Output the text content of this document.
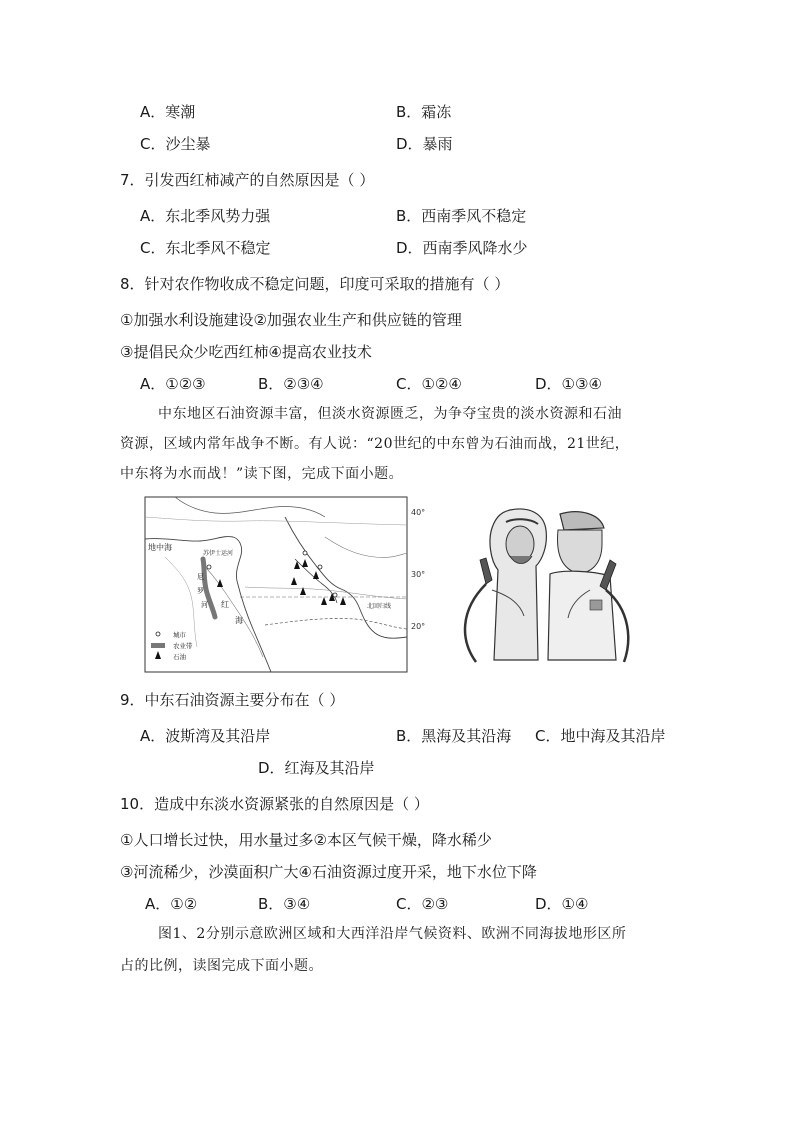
A．寒潮	B．霜冻
C．沙尘暴	D．暴雨
7．引发西红柿减产的自然原因是（ ）
A．东北季风势力强	B．西南季风不稳定
C．东北季风不稳定	D．西南季风降水少
8．针对农作物收成不稳定问题，印度可采取的措施有（ ）
①加强水利设施建设②加强农业生产和供应链的管理
③提倡民众少吃西红柿④提高农业技术
A．①②③	B．②③④	C．①②④	D．①③④
中东地区石油资源丰富，但淡水资源匮乏，为争夺宝贵的淡水资源和石油
资源，区域内常年战争不断。有人说：“20世纪的中东曾为石油而战，21世纪，
中东将为水而战！”读下图，完成下面小题。
40°
30°
20°
地中海
苏伊士运河
尼
罗
河 红
海
北回归线
城市
农业带
石油
9．中东石油资源主要分布在（ ）
A．波斯湾及其沿岸	B．黑海及其沿海 C．地中海及其沿岸
D．红海及其沿岸
10．造成中东淡水资源紧张的自然原因是（ ）
①人口增长过快，用水量过多②本区气候干燥，降水稀少
③河流稀少，沙漠面积广大④石油资源过度开采，地下水位下降
A．①②	B．③④	C．②③	D．①④
图1、2分别示意欧洲区域和大西洋沿岸气候资料、欧洲不同海拔地形区所
占的比例，读图完成下面小题。
